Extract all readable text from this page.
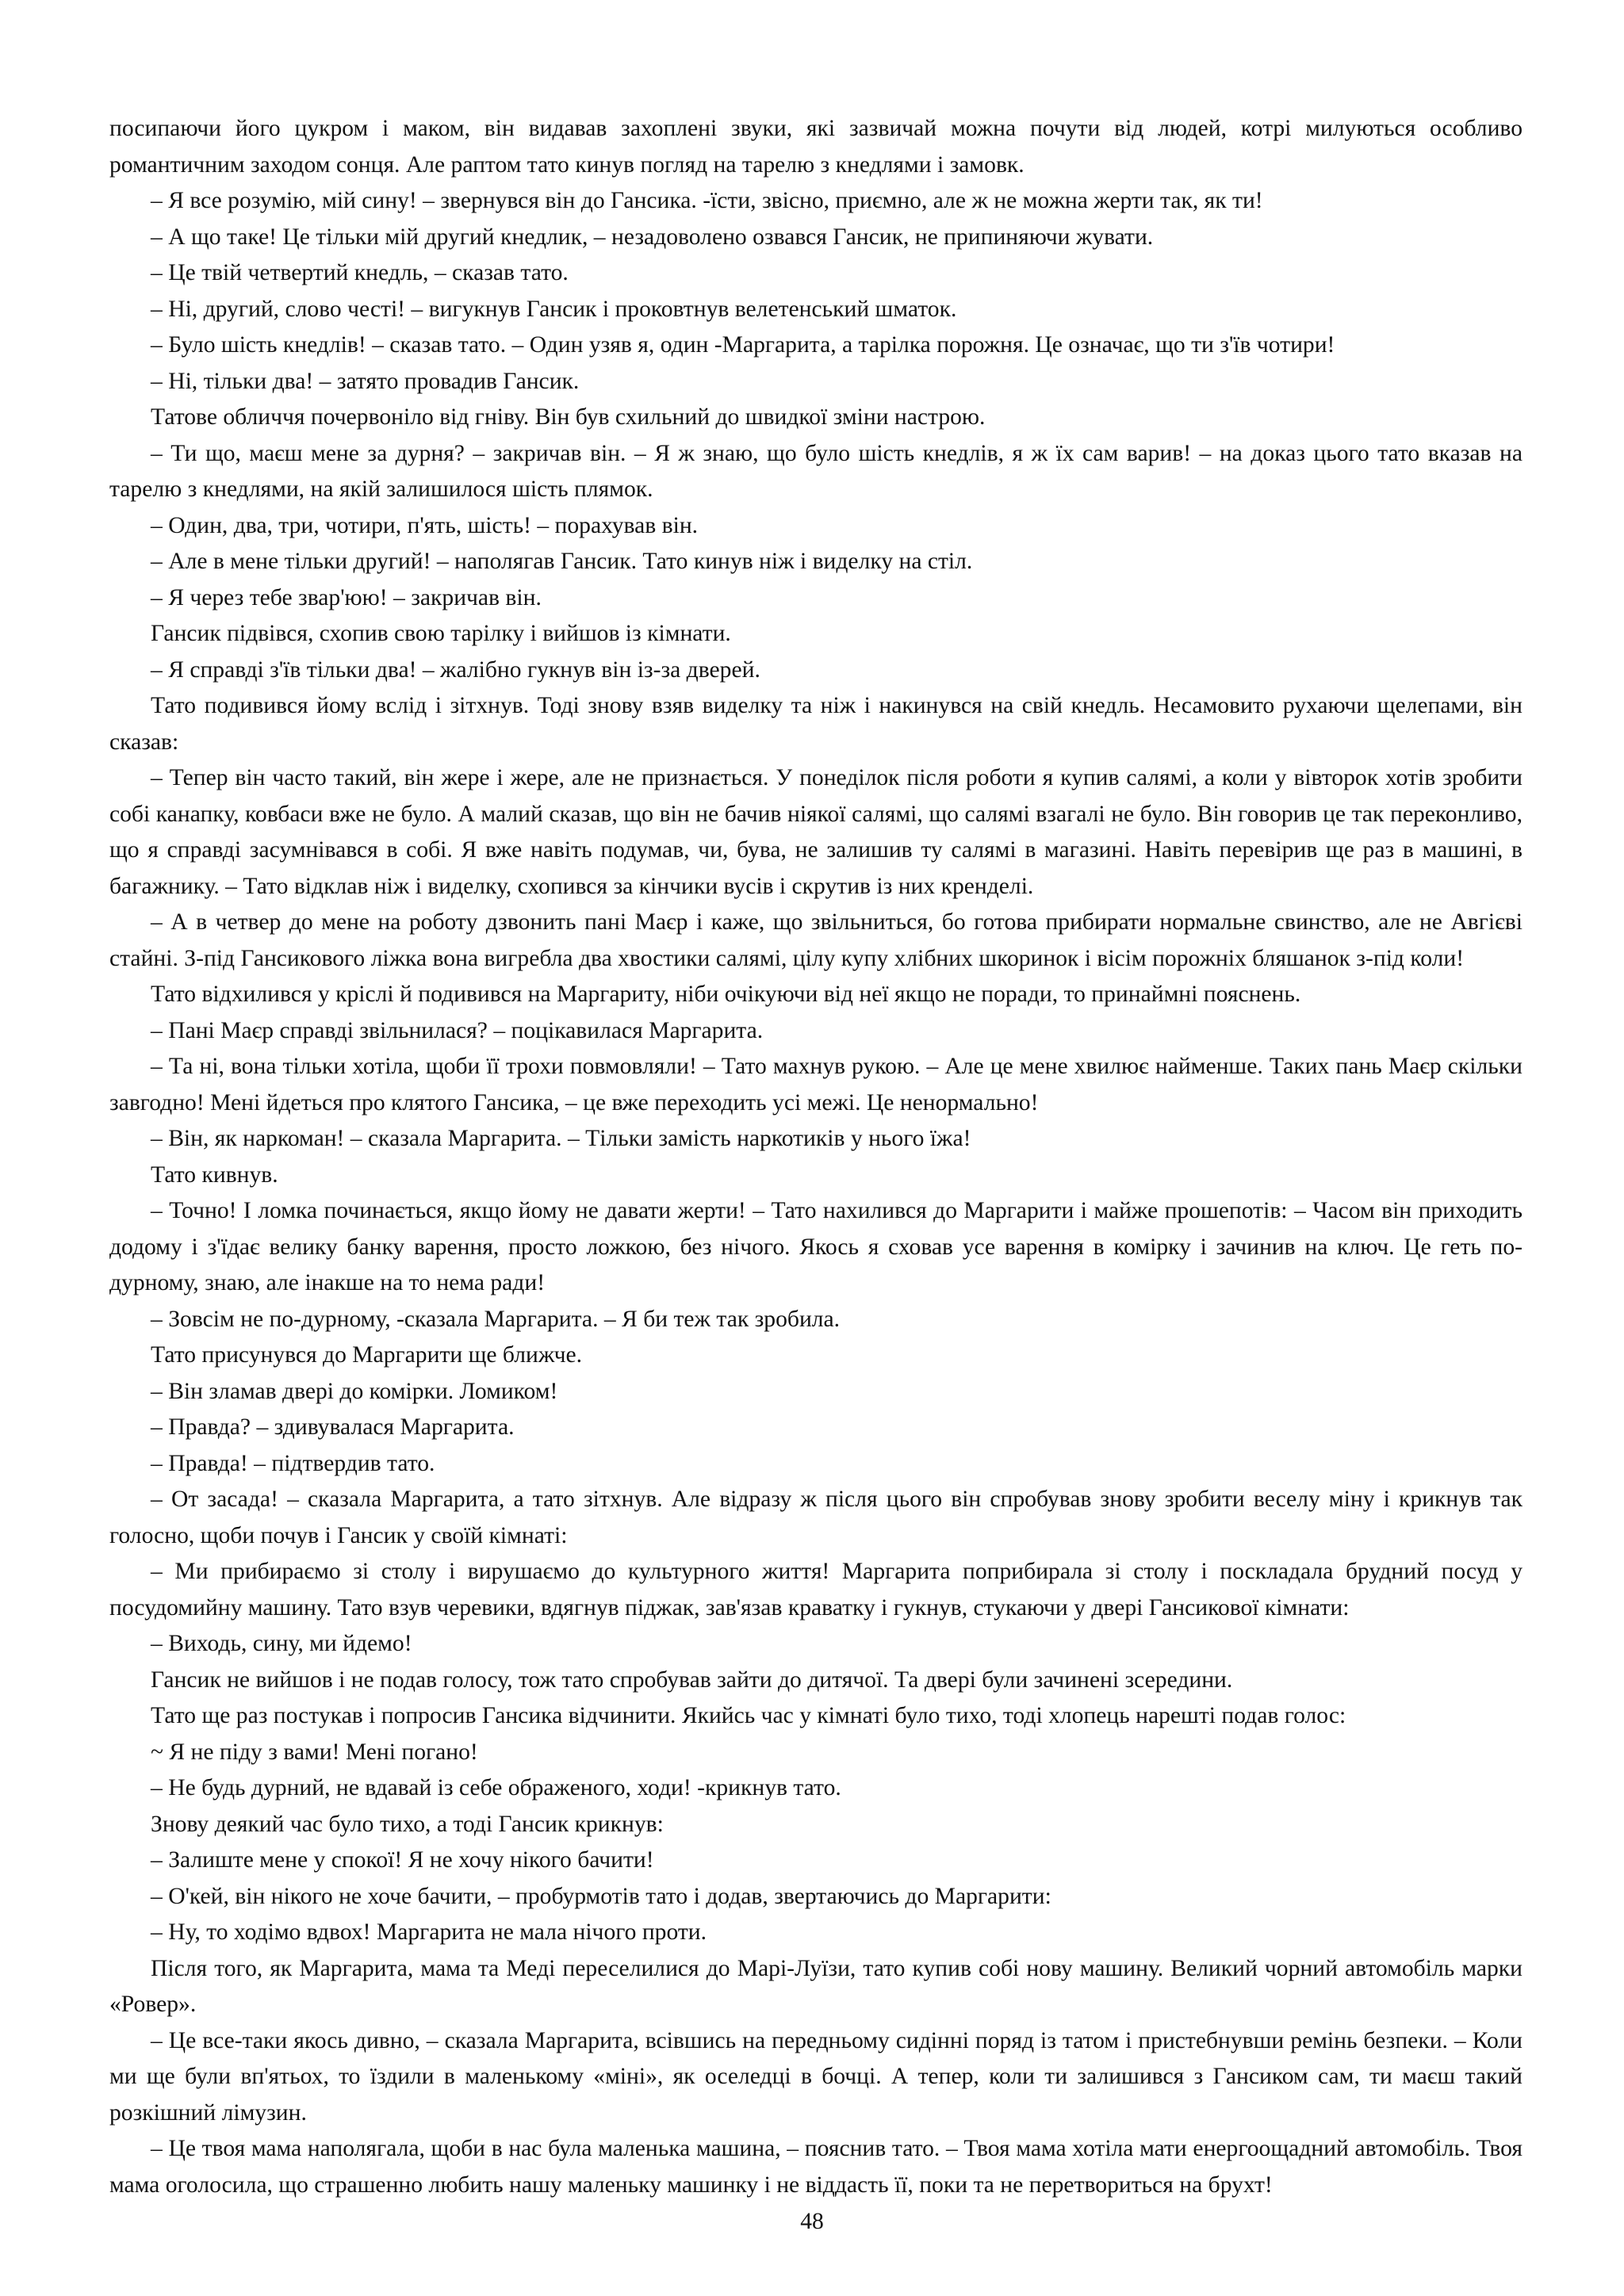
посипаючи його цукром і маком, він видавав захоплені звуки, які зазвичай можна почути від людей, котрі милуються особливо романтичним заходом сонця. Але раптом тато кинув погляд на тарелю з кнедлями і замовк.

– Я все розумію, мій сину! – звернувся він до Гансика. -їсти, звісно, приємно, але ж не можна жерти так, як ти!

– А що таке! Це тільки мій другий кнедлик, – незадоволено озвався Гансик, не припиняючи жувати.

– Це твій четвертий кнедль, – сказав тато.

– Ні, другий, слово честі! – вигукнув Гансик і проковтнув велетенський шматок.

– Було шість кнедлів! – сказав тато. – Один узяв я, один -Маргарита, а тарілка порожня. Це означає, що ти з'їв чотири!

– Ні, тільки два! – затято провадив Гансик.

Татове обличчя почервоніло від гніву. Він був схильний до швидкої зміни настрою.

– Ти що, маєш мене за дурня? – закричав він. – Я ж знаю, що було шість кнедлів, я ж їх сам варив! – на доказ цього тато вказав на тарелю з кнедлями, на якій залишилося шість плямок.

– Один, два, три, чотири, п'ять, шість! – порахував він.

– Але в мене тільки другий! – наполягав Гансик. Тато кинув ніж і виделку на стіл.

– Я через тебе звар'юю! – закричав він.

Гансик підвівся, схопив свою тарілку і вийшов із кімнати.

– Я справді з'їв тільки два! – жалібно гукнув він із-за дверей.

Тато подивився йому вслід і зітхнув. Тоді знову взяв виделку та ніж і накинувся на свій кнедль. Несамовито рухаючи щелепами, він сказав:

– Тепер він часто такий, він жере і жере, але не признається. У понеділок після роботи я купив салямі, а коли у вівторок хотів зробити собі канапку, ковбаси вже не було. А малий сказав, що він не бачив ніякої салямі, що салямі взагалі не було. Він говорив це так переконливо, що я справді засумнівався в собі. Я вже навіть подумав, чи, бува, не залишив ту салямі в магазині. Навіть перевірив ще раз в машині, в багажнику. – Тато відклав ніж і виделку, схопився за кінчики вусів і скрутив із них кренделі.

– А в четвер до мене на роботу дзвонить пані Маєр і каже, що звільниться, бо готова прибирати нормальне свинство, але не Авгієві стайні. З-під Гансикового ліжка вона вигребла два хвостики салямі, цілу купу хлібних шкоринок і вісім порожніх бляшанок з-під коли!

Тато відхилився у кріслі й подивився на Маргариту, ніби очікуючи від неї якщо не поради, то принаймні пояснень.

– Пані Маєр справді звільнилася? – поцікавилася Маргарита.

– Та ні, вона тільки хотіла, щоби її трохи повмовляли! – Тато махнув рукою. – Але це мене хвилює найменше. Таких пань Маєр скільки завгодно! Мені йдеться про клятого Гансика, – це вже переходить усі межі. Це ненормально!

– Він, як наркоман! – сказала Маргарита. – Тільки замість наркотиків у нього їжа!

Тато кивнув.

– Точно! І ломка починається, якщо йому не давати жерти! – Тато нахилився до Маргарити і майже прошепотів: – Часом він приходить додому і з'їдає велику банку варення, просто ложкою, без нічого. Якось я сховав усе варення в комірку і зачинив на ключ. Це геть по-дурному, знаю, але інакше на то нема ради!

– Зовсім не по-дурному, -сказала Маргарита. – Я би теж так зробила.

Тато присунувся до Маргарити ще ближче.

– Він зламав двері до комірки. Ломиком!

– Правда? – здивувалася Маргарита.

– Правда! – підтвердив тато.

– От засада! – сказала Маргарита, а тато зітхнув. Але відразу ж після цього він спробував знову зробити веселу міну і крикнув так голосно, щоби почув і Гансик у своїй кімнаті:

– Ми прибираємо зі столу і вирушаємо до культурного життя! Маргарита поприбирала зі столу і поскладала брудний посуд у посудомийну машину. Тато взув черевики, вдягнув піджак, зав'язав краватку і гукнув, стукаючи у двері Гансикової кімнати:

– Виходь, сину, ми йдемо!

Гансик не вийшов і не подав голосу, тож тато спробував зайти до дитячої. Та двері були зачинені зсередини.

Тато ще раз постукав і попросив Гансика відчинити. Якийсь час у кімнаті було тихо, тоді хлопець нарешті подав голос:

~ Я не піду з вами! Мені погано!

– Не будь дурний, не вдавай із себе ображеного, ходи! -крикнув тато.

Знову деякий час було тихо, а тоді Гансик крикнув:

– Залиште мене у спокої! Я не хочу нікого бачити!

– О'кей, він нікого не хоче бачити, – пробурмотів тато і додав, звертаючись до Маргарити:

– Ну, то ходімо вдвох! Маргарита не мала нічого проти.

Після того, як Маргарита, мама та Меді переселилися до Марі-Луїзи, тато купив собі нову машину. Великий чорний автомобіль марки «Ровер».

– Це все-таки якось дивно, – сказала Маргарита, всівшись на передньому сидінні поряд із татом і пристебнувши ремінь безпеки. – Коли ми ще були вп'ятьох, то їздили в маленькому «міні», як оселедці в бочці. А тепер, коли ти залишився з Гансиком сам, ти маєш такий розкішний лімузин.

– Це твоя мама наполягала, щоби в нас була маленька машина, – пояснив тато. – Твоя мама хотіла мати енергоощадний автомобіль. Твоя мама оголосила, що страшенно любить нашу маленьку машинку і не віддасть її, поки та не перетвориться на брухт!

48
